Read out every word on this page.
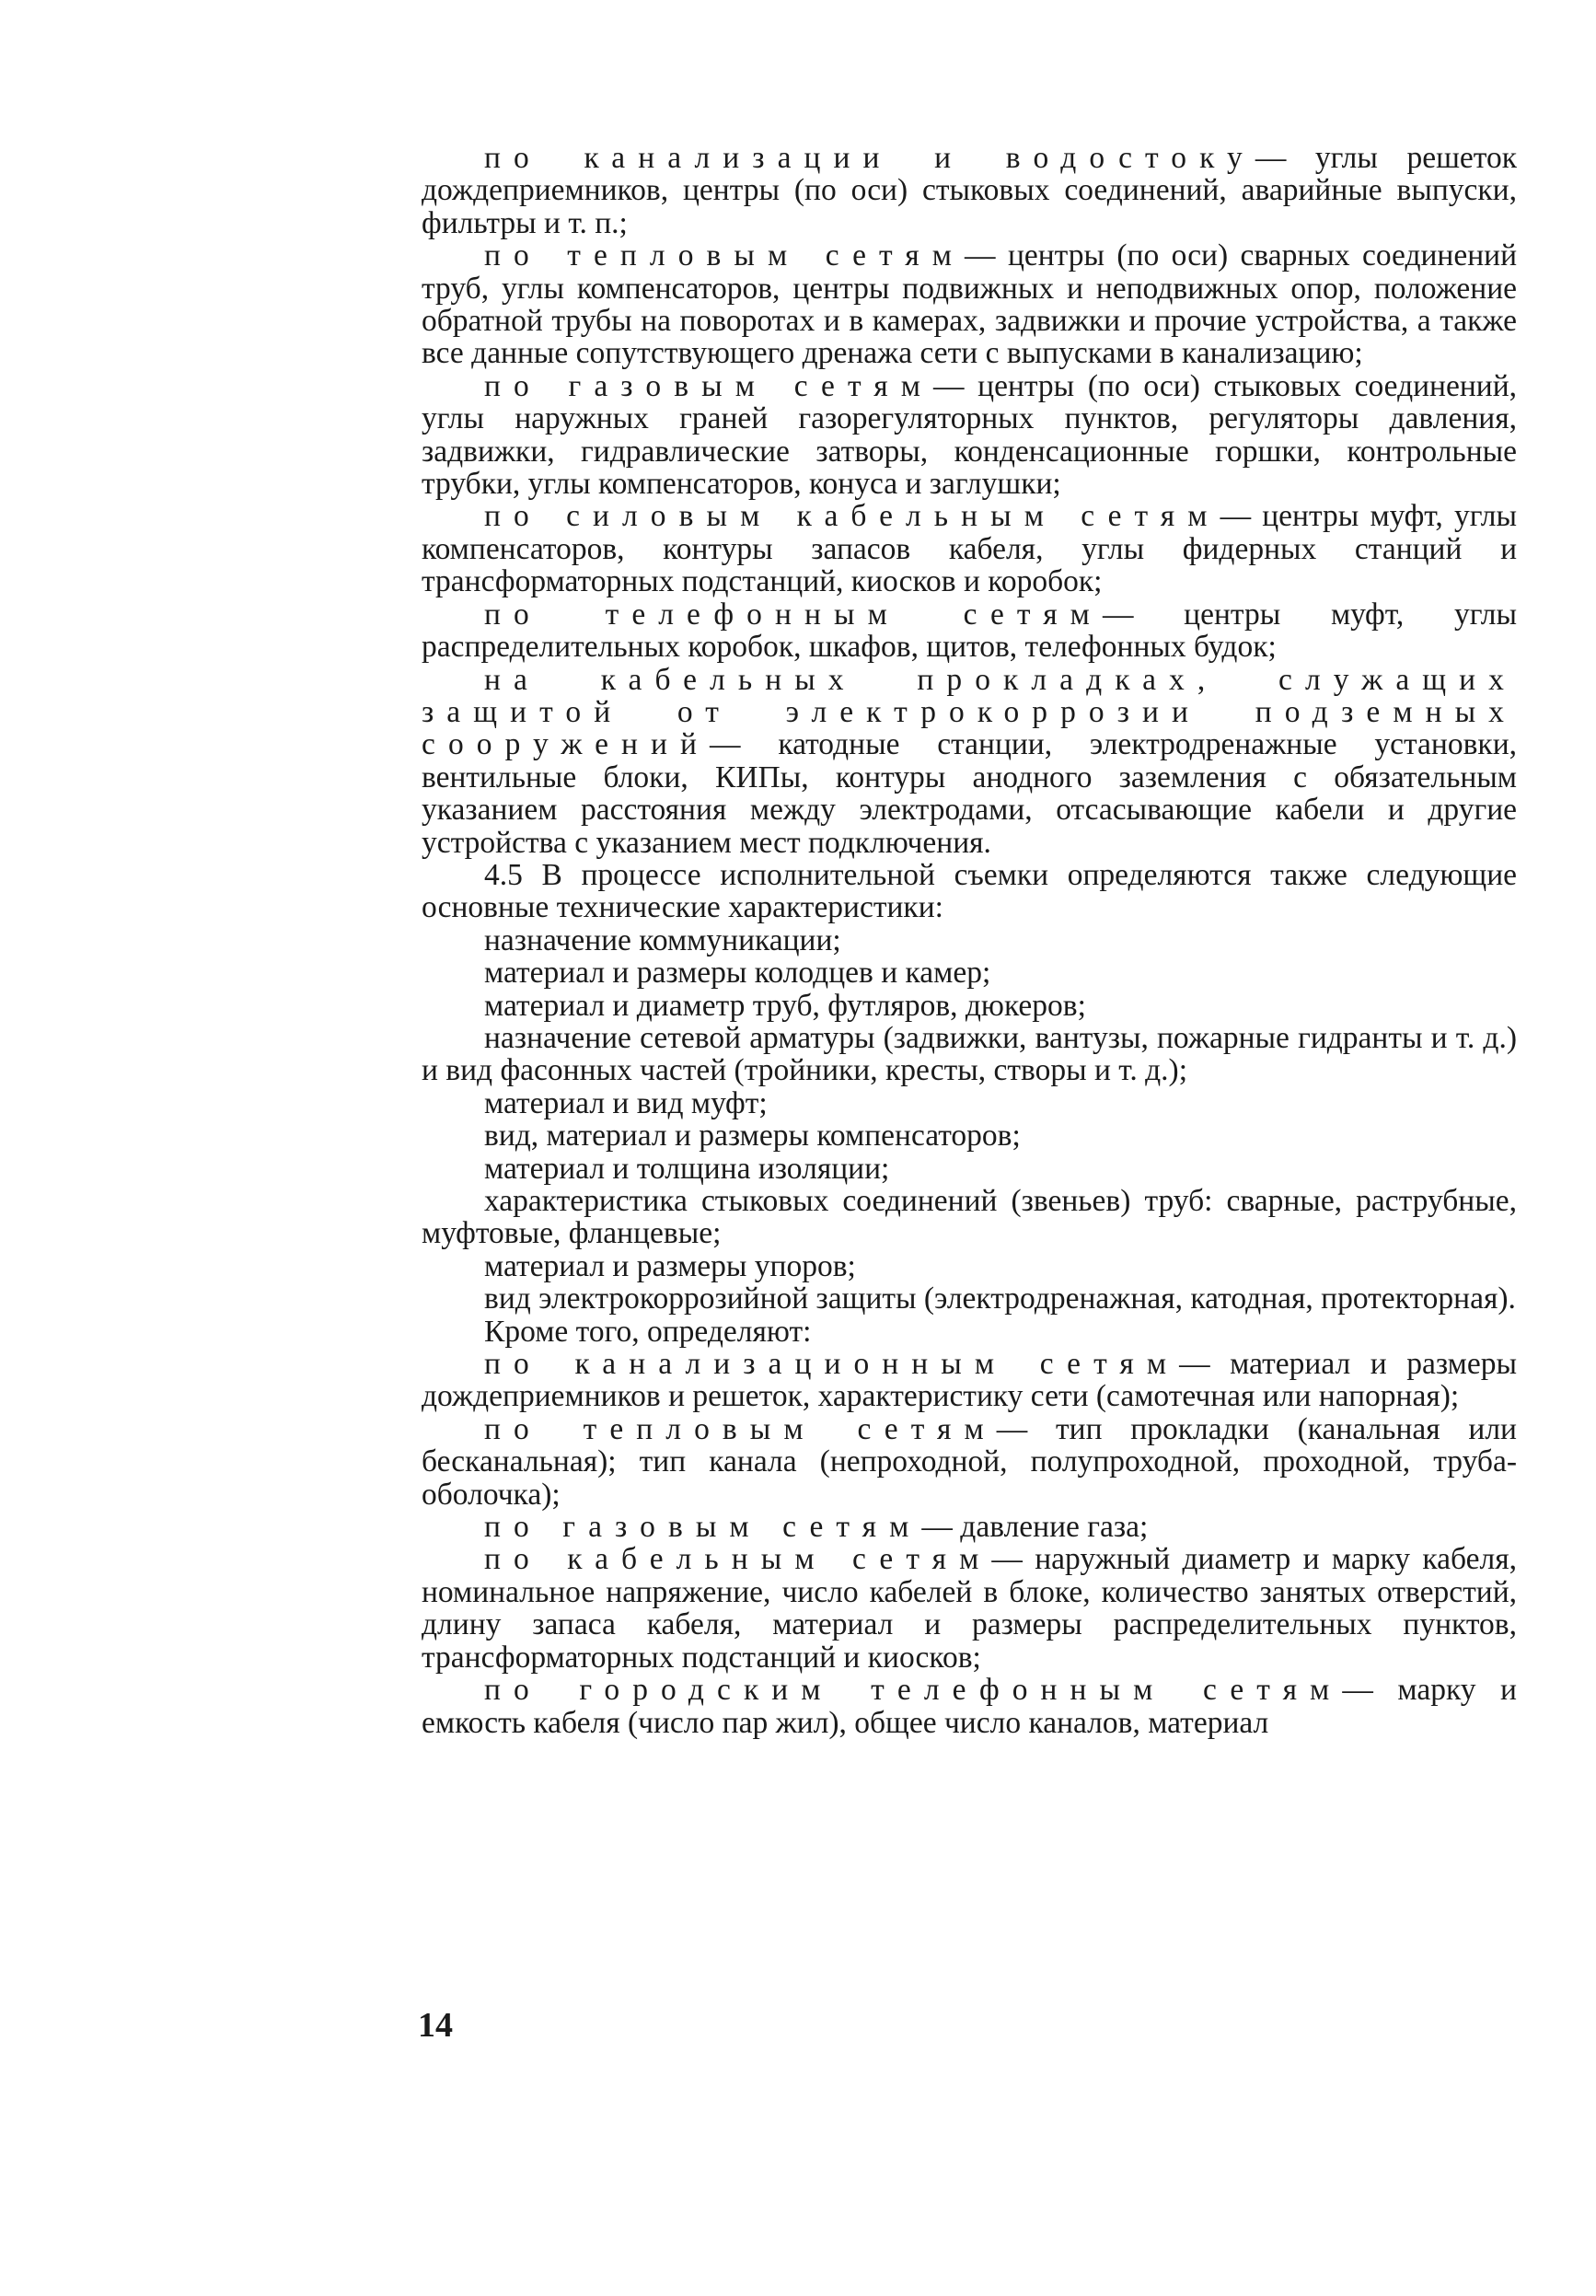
по канализации и водостоку— углы решеток дождеприемников, центры (по оси) стыковых соединений, аварийные выпуски, фильтры и т. п.;

по тепловым сетям— центры (по оси) сварных соединений труб, углы компенсаторов, центры подвижных и неподвижных опор, положение обратной трубы на поворотах и в камерах, задвижки и прочие устройства, а также все данные сопутствующего дренажа сети с выпусками в канализацию;

по газовым сетям— центры (по оси) стыковых соединений, углы наружных граней газорегуляторных пунктов, регуляторы давления, задвижки, гидравлические затворы, конденсационные горшки, контрольные трубки, углы компенсаторов, конуса и заглушки;

по силовым кабельным сетям— центры муфт, углы компенсаторов, контуры запасов кабеля, углы фидерных станций и трансформаторных подстанций, киосков и коробок;

по телефонным сетям— центры муфт, углы распределительных коробок, шкафов, щитов, телефонных будок;

на кабельных прокладках, служащих защитой от электрокоррозии подземных сооружений— катодные станции, электродренажные установки, вентильные блоки, КИПы, контуры анодного заземления с обязательным указанием расстояния между электродами, отсасывающие кабели и другие устройства с указанием мест подключения.

4.5 В процессе исполнительной съемки определяются также следующие основные технические характеристики:

назначение коммуникации;

материал и размеры колодцев и камер;

материал и диаметр труб, футляров, дюкеров;

назначение сетевой арматуры (задвижки, вантузы, пожарные гидранты и т. д.) и вид фасонных частей (тройники, кресты, створы и т. д.);

материал и вид муфт;

вид, материал и размеры компенсаторов;

материал и толщина изоляции;

характеристика стыковых соединений (звеньев) труб: сварные, раструбные, муфтовые, фланцевые;

материал и размеры упоров;

вид электрокоррозийной защиты (электродренажная, катодная, протекторная).

Кроме того, определяют:

по канализационным сетям— материал и размеры дождеприемников и решеток, характеристику сети (самотечная или напорная);

по тепловым сетям— тип прокладки (канальная или бесканальная); тип канала (непроходной, полупроходной, проходной, труба-оболочка);

по газовым сетям— давление газа;

по кабельным сетям— наружный диаметр и марку кабеля, номинальное напряжение, число кабелей в блоке, количество занятых отверстий, длину запаса кабеля, материал и размеры распределительных пунктов, трансформаторных подстанций и киосков;

по городским телефонным сетям— марку и емкость кабеля (число пар жил), общее число каналов, материал

14
